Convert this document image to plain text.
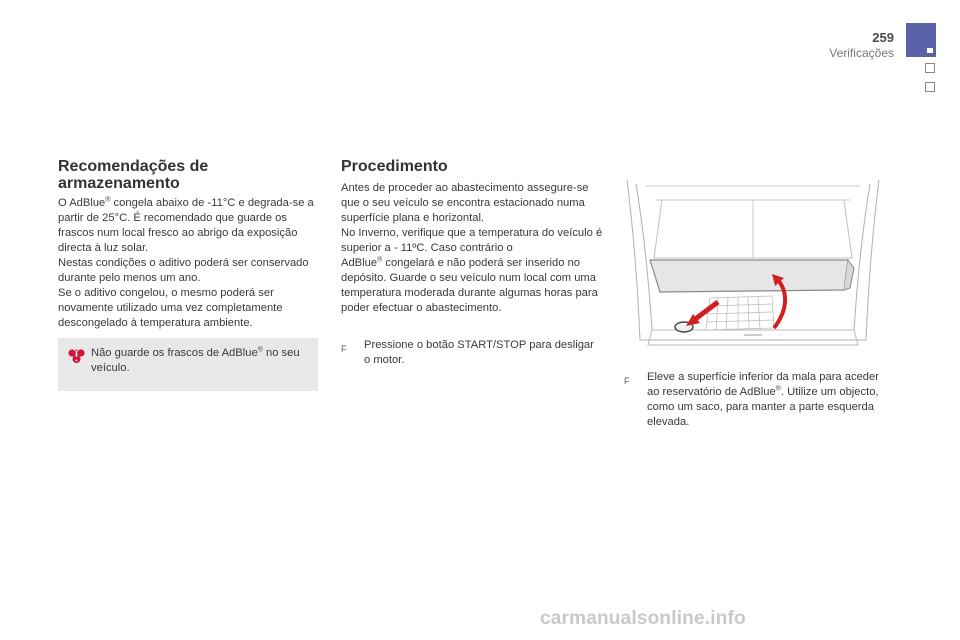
259
Verificações
Recomendações de armazenamento

O AdBlue® congela abaixo de -11°C e degrada-se a partir de 25°C. É recomendado que guarde os frascos num local fresco ao abrigo da exposição directa à luz solar.

Nestas condições o aditivo poderá ser conservado durante pelo menos um ano.

Se o aditivo congelou, o mesmo poderá ser novamente utilizado uma vez completamente descongelado à temperatura ambiente.

Não guarde os frascos de AdBlue® no seu veículo.
Procedimento

Antes de proceder ao abastecimento assegure-se que o seu veículo se encontra estacionado numa superfície plana e horizontal.

No Inverno, verifique que a temperatura do veículo é superior a - 11ºC. Caso contrário o

AdBlue® congelará e não poderá ser inserido no depósito. Guarde o seu veículo num local com uma temperatura moderada durante algumas horas para poder efectuar o abastecimento.

F Pressione o botão START/STOP para desligar o motor.

F Eleve a superfície inferior da mala para aceder ao reservatório de AdBlue®. Utilize um objecto, como um saco, para manter a parte esquerda elevada.

carmanualsonline.info
